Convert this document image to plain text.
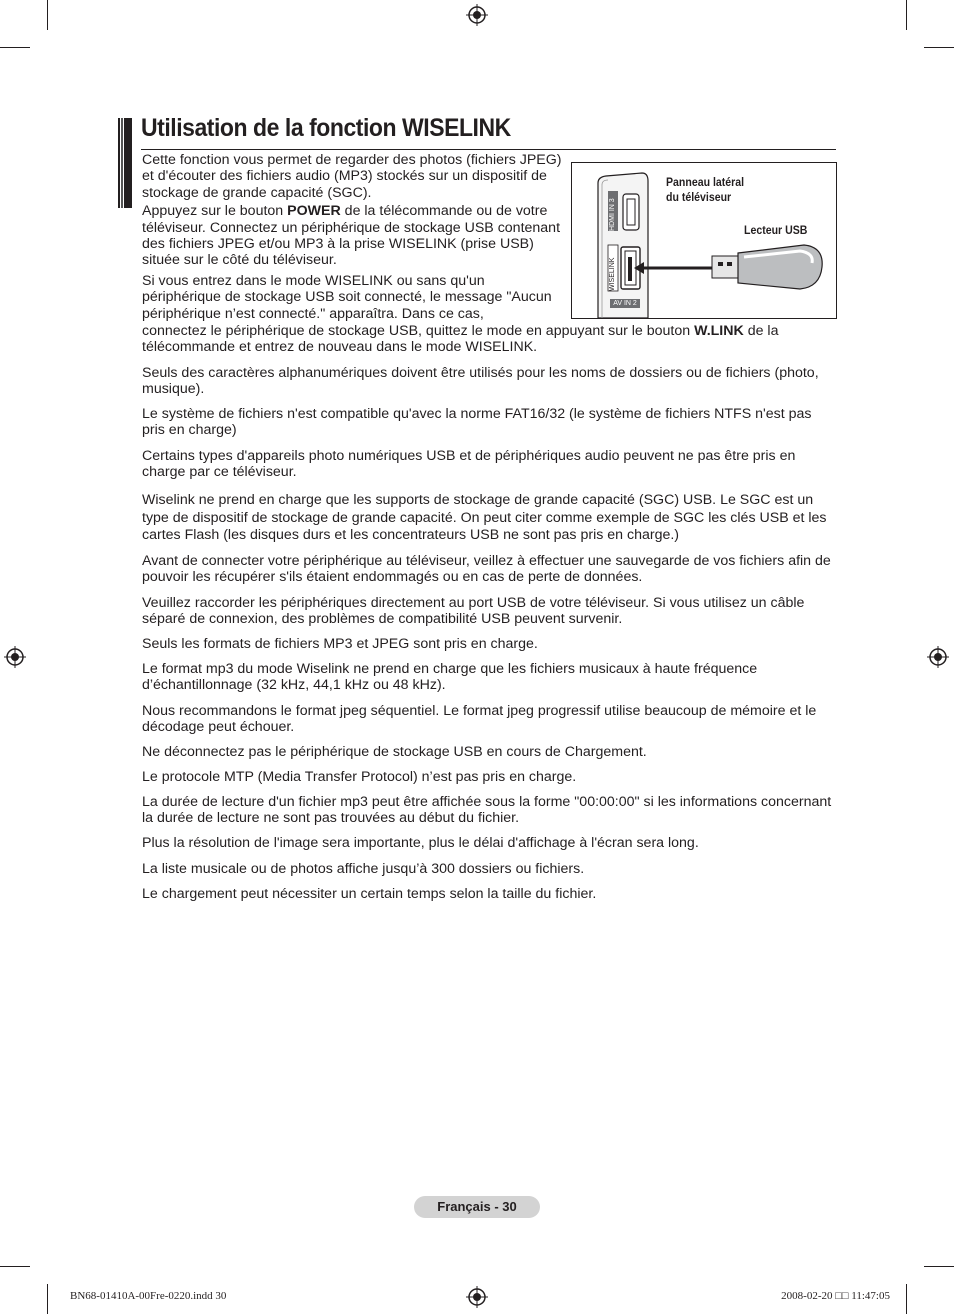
Utilisation de la fonction WISELINK

Cette fonction vous permet de regarder des photos (fichiers JPEG) et d'écouter des fichiers audio (MP3) stockés sur un dispositif de stockage de grande capacité (SGC).

Appuyez sur le bouton POWER de la télécommande ou de votre téléviseur. Connectez un périphérique de stockage USB contenant des fichiers JPEG et/ou MP3 à la prise WISELINK (prise USB) située sur le côté du téléviseur.

Si vous entrez dans le mode WISELINK ou sans qu'un périphérique de stockage USB soit connecté, le message "Aucun périphérique n’est connecté." apparaîtra. Dans ce cas,

connectez le périphérique de stockage USB, quittez le mode en appuyant sur le bouton W.LINK de la télécommande et entrez de nouveau dans le mode WISELINK.
HDMI IN 3
WISELINK
AV IN 2
Panneau latéral du téléviseur
Lecteur USB

Seuls des caractères alphanumériques doivent être utilisés pour les noms de dossiers ou de fichiers (photo, musique).

Le système de fichiers n'est compatible qu'avec la norme FAT16/32 (le système de fichiers NTFS n'est pas pris en charge)

Certains types d'appareils photo numériques USB et de périphériques audio peuvent ne pas être pris en charge par ce téléviseur.

Wiselink ne prend en charge que les supports de stockage de grande capacité (SGC) USB. Le SGC est un type de dispositif de stockage de grande capacité. On peut citer comme exemple de SGC les clés USB et les cartes Flash (les disques durs et les concentrateurs USB ne sont pas pris en charge.)

Avant de connecter votre périphérique au téléviseur, veillez à effectuer une sauvegarde de vos fichiers afin de pouvoir les récupérer s'ils étaient endommagés ou en cas de perte de données.

Veuillez raccorder les périphériques directement au port USB de votre téléviseur. Si vous utilisez un câble séparé de connexion, des problèmes de compatibilité USB peuvent survenir.

Seuls les formats de fichiers MP3 et JPEG sont pris en charge.

Le format mp3 du mode Wiselink ne prend en charge que les fichiers musicaux à haute fréquence d’échantillonnage (32 kHz, 44,1 kHz ou 48 kHz).

Nous recommandons le format jpeg séquentiel. Le format jpeg progressif utilise beaucoup de mémoire et le décodage peut échouer.

Ne déconnectez pas le périphérique de stockage USB en cours de Chargement.

Le protocole MTP (Media Transfer Protocol) n’est pas pris en charge.

La durée de lecture d'un fichier mp3 peut être affichée sous la forme "00:00:00" si les informations concernant la durée de lecture ne sont pas trouvées au début du fichier.

Plus la résolution de l'image sera importante, plus le délai d'affichage à l'écran sera long.

La liste musicale ou de photos affiche jusqu’à 300 dossiers ou fichiers.

Le chargement peut nécessiter un certain temps selon la taille du fichier.

Français - 30
BN68-01410A-00Fre-0220.indd 30	2008-02-20 □□ 11:47:05
